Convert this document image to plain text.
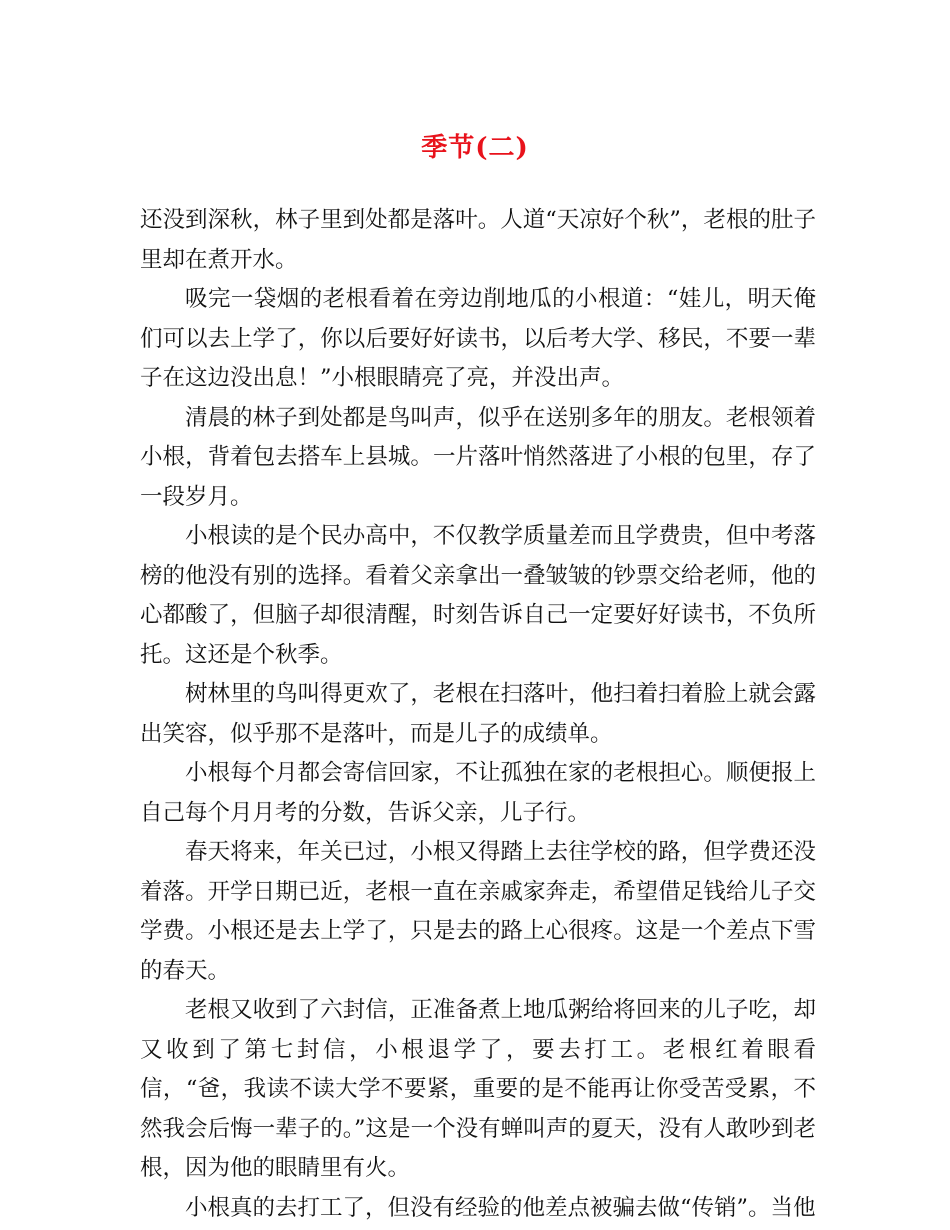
季节(二)

还没到深秋，林子里到处都是落叶。人道“天凉好个秋”，老根的肚子里却在煮开水。

吸完一袋烟的老根看着在旁边削地瓜的小根道：“娃儿，明天俺们可以去上学了，你以后要好好读书，以后考大学、移民，不要一辈子在这边没出息！”小根眼睛亮了亮，并没出声。

清晨的林子到处都是鸟叫声，似乎在送别多年的朋友。老根领着小根，背着包去搭车上县城。一片落叶悄然落进了小根的包里，存了一段岁月。

小根读的是个民办高中，不仅教学质量差而且学费贵，但中考落榜的他没有别的选择。看着父亲拿出一叠皱皱的钞票交给老师，他的心都酸了，但脑子却很清醒，时刻告诉自己一定要好好读书，不负所托。这还是个秋季。

树林里的鸟叫得更欢了，老根在扫落叶，他扫着扫着脸上就会露出笑容，似乎那不是落叶，而是儿子的成绩单。

小根每个月都会寄信回家，不让孤独在家的老根担心。顺便报上自己每个月月考的分数，告诉父亲，儿子行。

春天将来，年关已过，小根又得踏上去往学校的路，但学费还没着落。开学日期已近，老根一直在亲戚家奔走，希望借足钱给儿子交学费。小根还是去上学了，只是去的路上心很疼。这是一个差点下雪的春天。

老根又收到了六封信，正准备煮上地瓜粥给将回来的儿子吃，却又收到了第七封信，小根退学了，要去打工。老根红着眼看信，“爸，我读不读大学不要紧，重要的是不能再让你受苦受累，不然我会后悔一辈子的。”这是一个没有蝉叫声的夏天，没有人敢吵到老根，因为他的眼睛里有火。

小根真的去打工了，但没有经验的他差点被骗去做“传销”。当他
